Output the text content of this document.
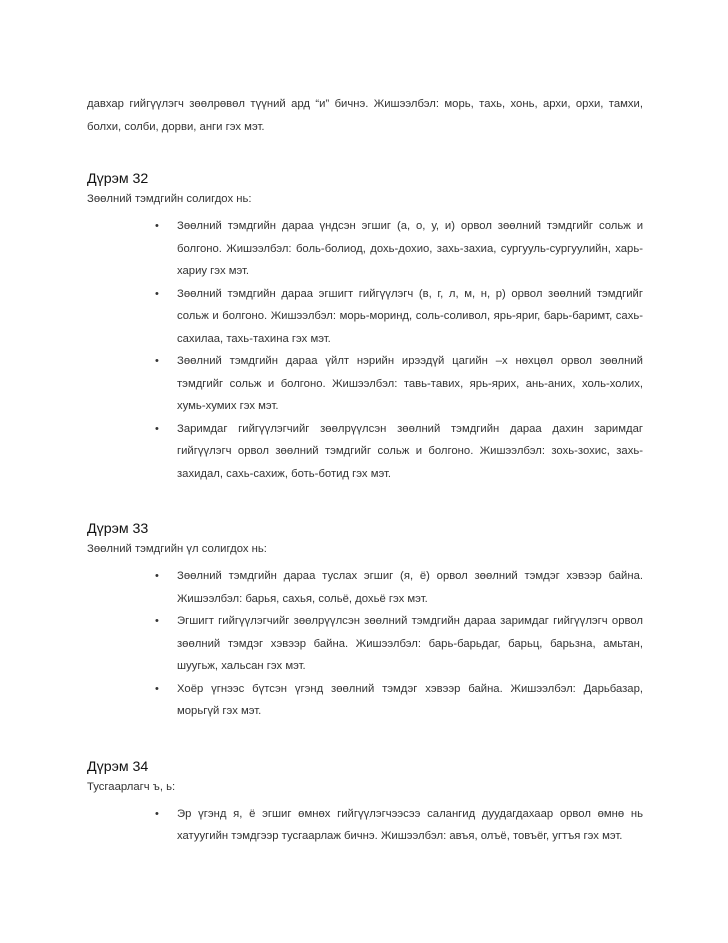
давхар гийгүүлэгч зөөлрөвөл түүний ард “и” бичнэ. Жишээлбэл: морь, тахь, хонь, архи, орхи, тамхи, болхи, солби, дорви, анги гэх мэт.

Дүрэм 32

Зөөлний тэмдгийн солигдох нь:

• Зөөлний тэмдгийн дараа үндсэн эгшиг (а, о, у, и) орвол зөөлний тэмдгийг сольж и болгоно. Жишээлбэл: боль-болиод, дохь-дохио, захь-захиа, сургууль-сургуулийн, харь-хариу гэх мэт.
• Зөөлний тэмдгийн дараа эгшигт гийгүүлэгч (в, г, л, м, н, р) орвол зөөлний тэмдгийг сольж и болгоно. Жишээлбэл: морь-моринд, соль-соливол, ярь-яриг, барь-баримт, сахь-сахилаа, тахь-тахина гэх мэт.
• Зөөлний тэмдгийн дараа үйлт нэрийн ирээдүй цагийн –х нөхцөл орвол зөөлний тэмдгийг сольж и болгоно. Жишээлбэл: тавь-тавих, ярь-ярих, ань-аних, холь-холих, хумь-хумих гэх мэт.
• Заримдаг гийгүүлэгчийг зөөлрүүлсэн зөөлний тэмдгийн дараа дахин заримдаг гийгүүлэгч орвол зөөлний тэмдгийг сольж и болгоно. Жишээлбэл: зохь-зохис, захь-захидал, сахь-сахиж, боть-ботид гэх мэт.

Дүрэм 33

Зөөлний тэмдгийн үл солигдох нь:

• Зөөлний тэмдгийн дараа туслах эгшиг (я, ё) орвол зөөлний тэмдэг хэвээр байна. Жишээлбэл: барья, сахья, сольё, дохьё гэх мэт.
• Эгшигт гийгүүлэгчийг зөөлрүүлсэн зөөлний тэмдгийн дараа заримдаг гийгүүлэгч орвол зөөлний тэмдэг хэвээр байна. Жишээлбэл: барь-барьдаг, барьц, барьзна, амьтан, шуугьж, хальсан гэх мэт.
• Хоёр үгнээс бүтсэн үгэнд зөөлний тэмдэг хэвээр байна. Жишээлбэл: Дарьбазар, морьгүй гэх мэт.

Дүрэм 34

Тусгаарлагч ъ, ь:

• Эр үгэнд я, ё эгшиг өмнөх гийгүүлэгчээсээ салангид дуудагдахаар орвол өмнө нь хатуугийн тэмдгээр тусгаарлаж бичнэ. Жишээлбэл: авъя, олъё, товъёг, угтъя гэх мэт.
